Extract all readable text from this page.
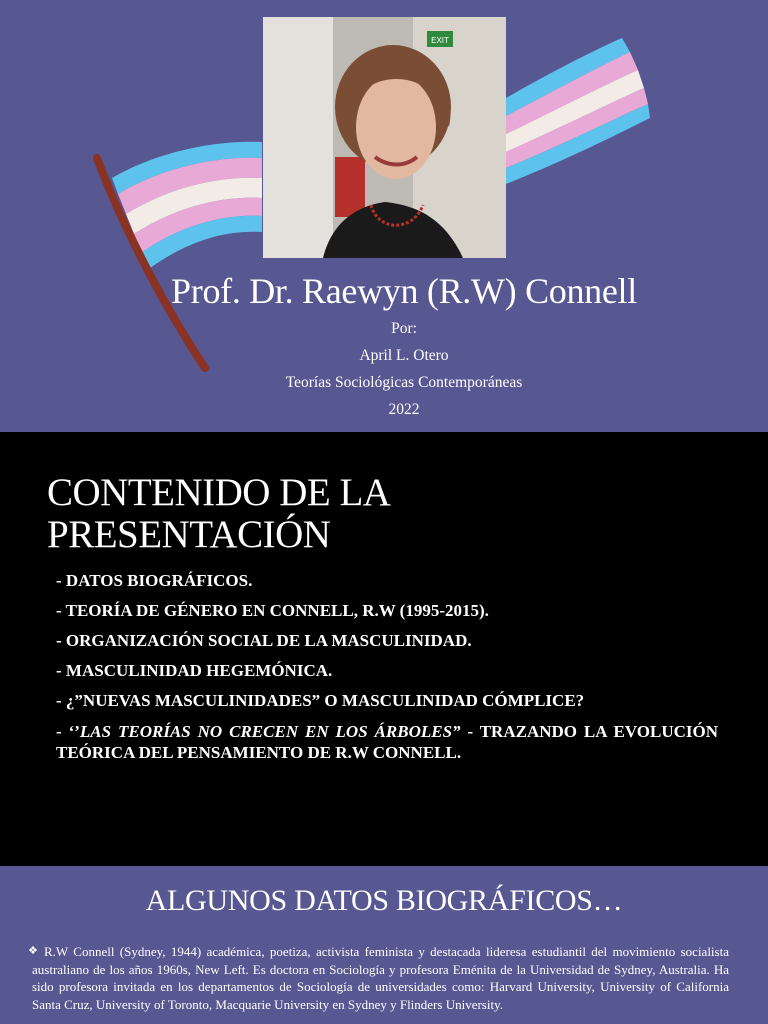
EXIT
Prof. Dr. Raewyn (R.W) Connell
Por:
April L. Otero
Teorías Sociológicas Contemporáneas
2022
CONTENIDO DE LA
PRESENTACIÓN
- DATOS BIOGRÁFICOS.
- TEORÍA DE GÉNERO EN CONNELL, R.W (1995-2015).
- ORGANIZACIÓN SOCIAL DE LA MASCULINIDAD.
- MASCULINIDAD HEGEMÓNICA.
- ¿”NUEVAS MASCULINIDADES” O MASCULINIDAD CÓMPLICE?
- ‘’LAS TEORÍAS NO CRECEN EN LOS ÁRBOLES” - TRAZANDO LA EVOLUCIÓN TEÓRICA DEL PENSAMIENTO DE R.W CONNELL.
ALGUNOS DATOS BIOGRÁFICOS…
❖ R.W Connell (Sydney, 1944) académica, poetiza, activista feminista y destacada lideresa estudiantil del movimiento socialista australiano de los años 1960s, New Left. Es doctora en Sociología y profesora Eménita de la Universidad de Sydney, Australia. Ha sido profesora invitada en los departamentos de Sociología de universidades como: Harvard University, University of California Santa Cruz, University of Toronto, Macquarie University en Sydney y Flinders University.
